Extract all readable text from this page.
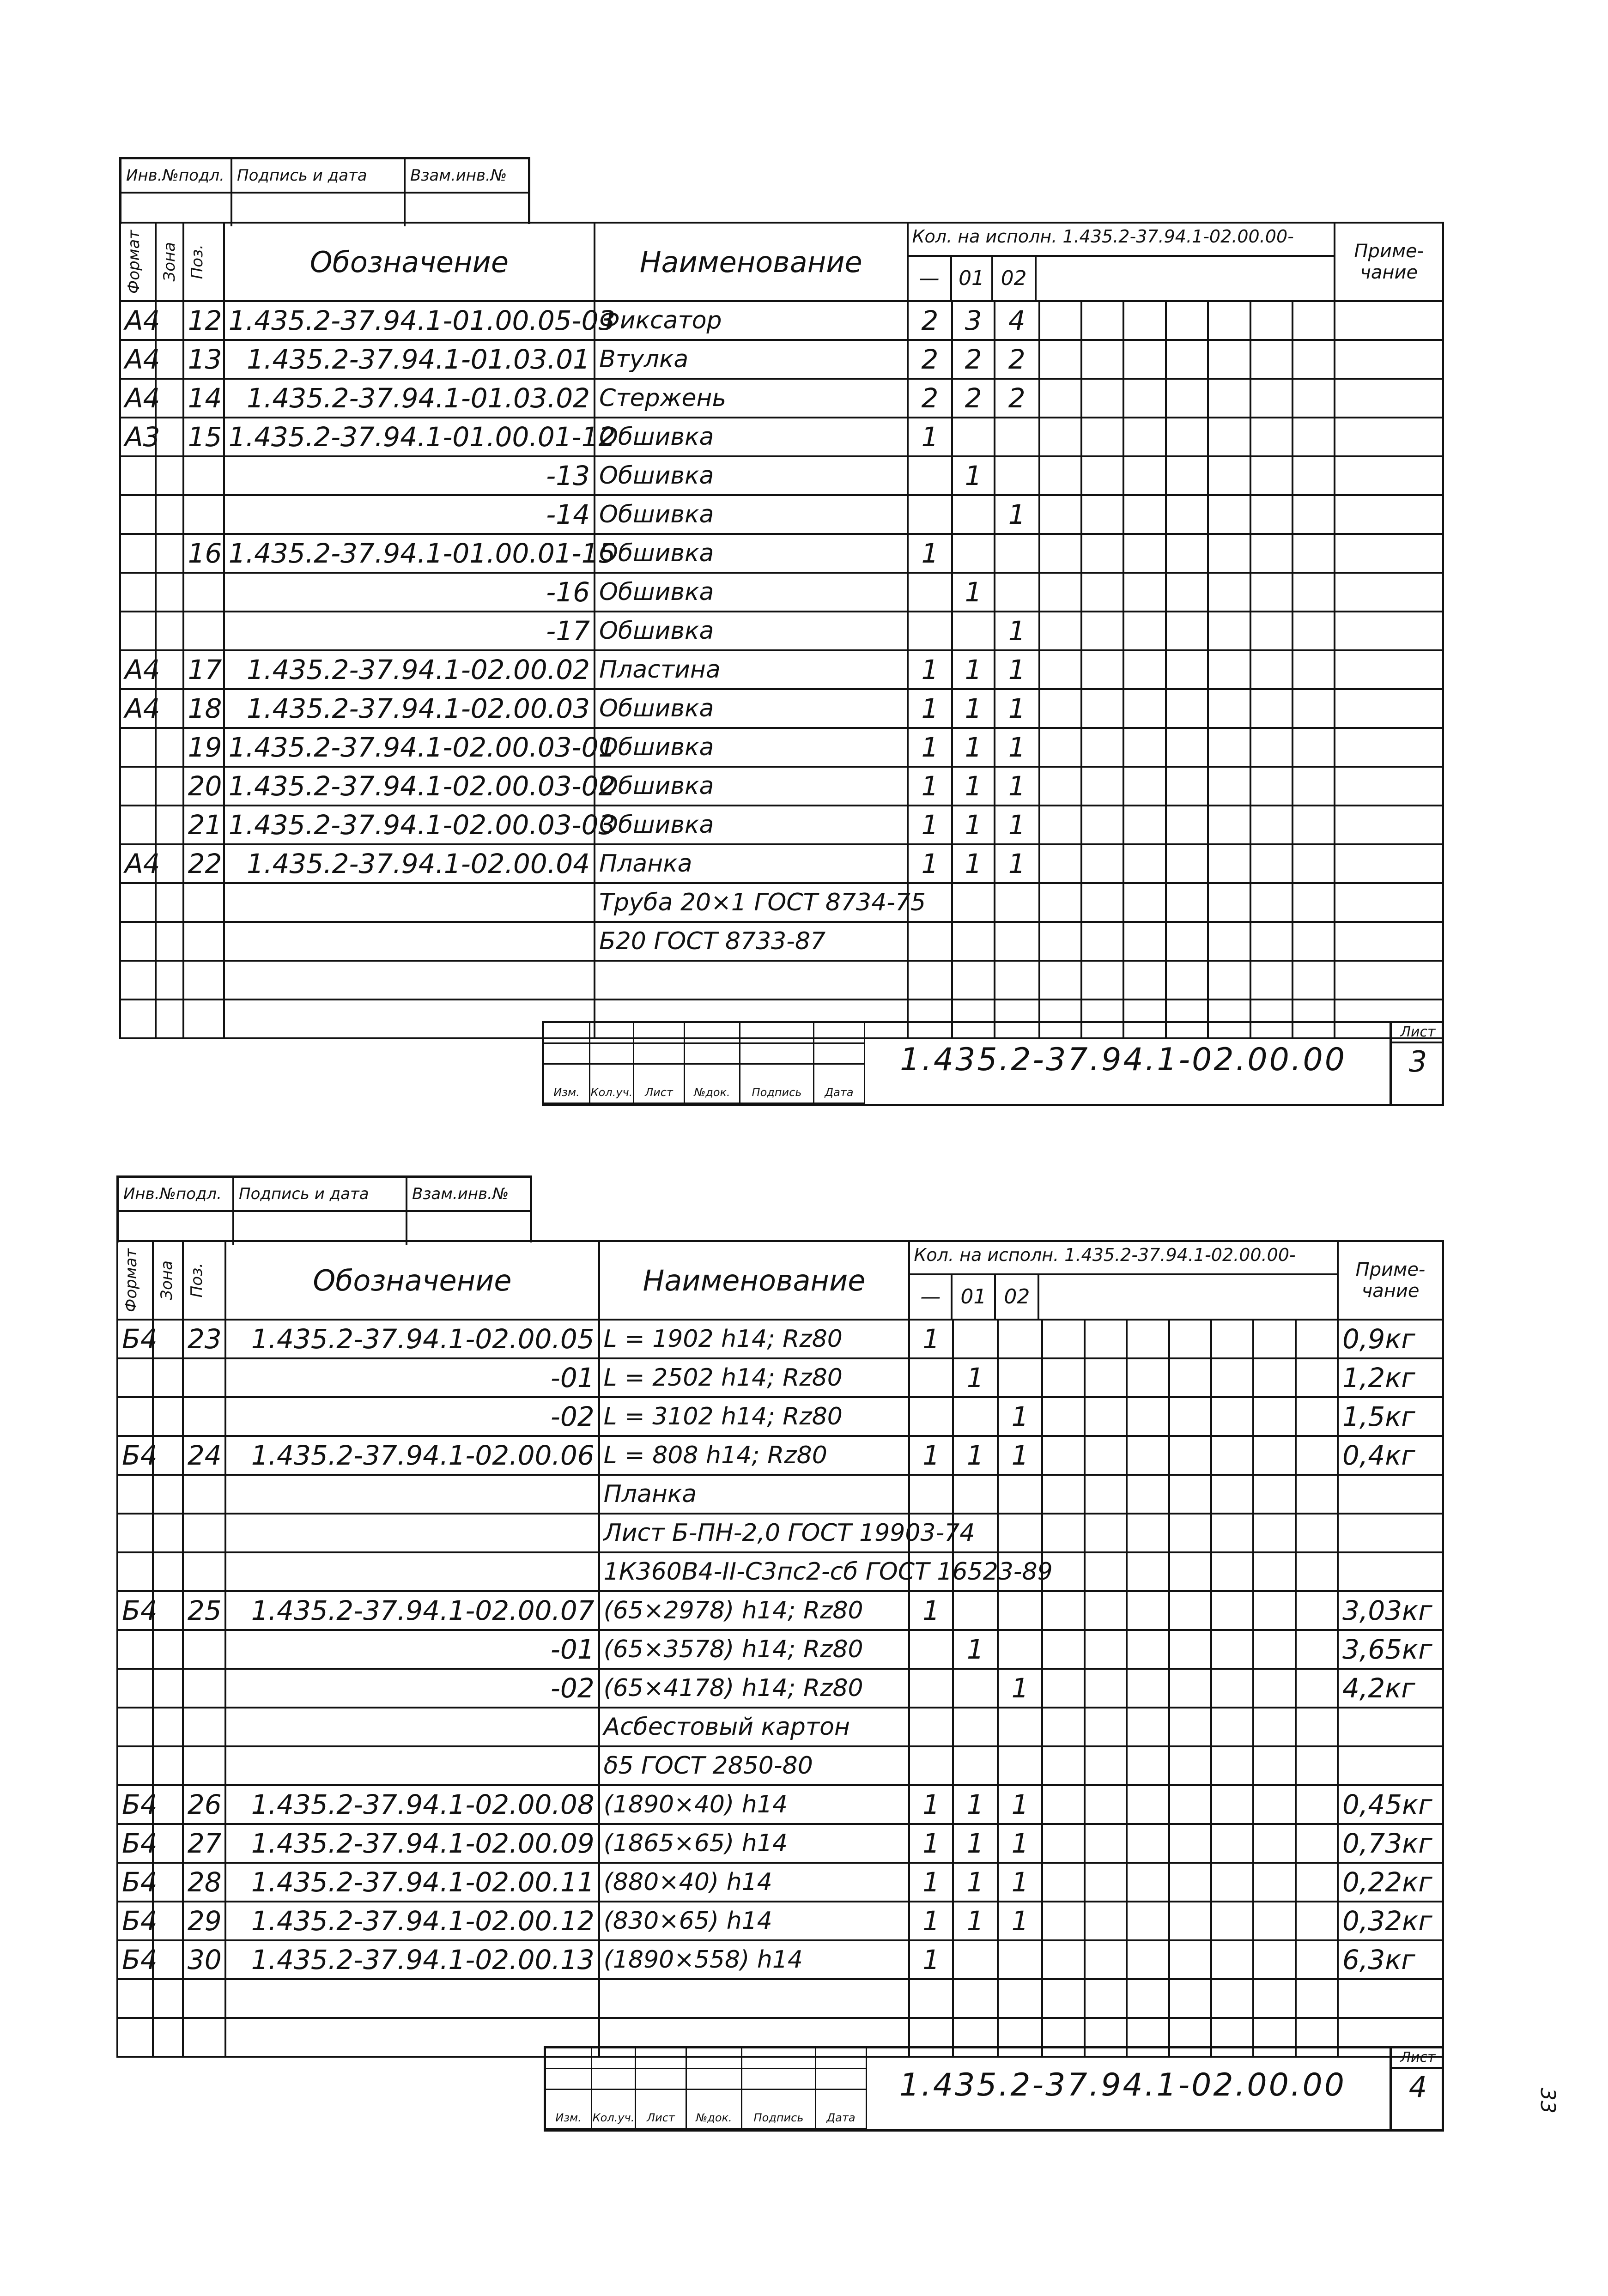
Инв.№подл. Подпись и дата	Взам.инв.№
Формат	Зона	Поз.	Обозначение	Наименование	Кол. на исполн. 1.435.2-37.94.1-02.00.00-
— 01 02										Приме-чание
А4		12	1.435.2-37.94.1-01.00.05-03	Фиксатор	2	3	4								
А4		13	1.435.2-37.94.1-01.03.01	Втулка	2	2	2								
А4		14	1.435.2-37.94.1-01.03.02	Стержень	2	2	2								
А3		15	1.435.2-37.94.1-01.00.01-12	Обшивка	1										
			-13	Обшивка		1									
			-14	Обшивка			1								
		16	1.435.2-37.94.1-01.00.01-15	Обшивка	1										
			-16	Обшивка		1									
			-17	Обшивка			1								
А4		17	1.435.2-37.94.1-02.00.02	Пластина	1	1	1								
А4		18	1.435.2-37.94.1-02.00.03	Обшивка	1	1	1								
		19	1.435.2-37.94.1-02.00.03-01	Обшивка	1	1	1								
		20	1.435.2-37.94.1-02.00.03-02	Обшивка	1	1	1								
		21	1.435.2-37.94.1-02.00.03-03	Обшивка	1	1	1								
А4		22	1.435.2-37.94.1-02.00.04	Планка	1	1	1								
				Труба 20×1 ГОСТ 8734-75											
				Б20 ГОСТ 8733-87											

Изм. Кол.уч.	Лист	№док.	Подпись	Дата
1.435.2-37.94.1-02.00.00
Лист
3
Инв.№подл.	Подпись и дата	Взам.инв.№
Формат	Зона	Поз.	Обозначение	Наименование	Кол. на исполн. 1.435.2-37.94.1-02.00.00-
— 01 02										Приме-чание
Б4		23	1.435.2-37.94.1-02.00.05	L = 1902 h14; Rz80	1										0,9кг
			-01	L = 2502 h14; Rz80		1									1,2кг
			-02	L = 3102 h14; Rz80			1								1,5кг
Б4		24	1.435.2-37.94.1-02.00.06	L = 808 h14; Rz80	1	1	1								0,4кг
				Планка											
				Лист Б-ПН-2,0 ГОСТ 19903-74											
				1К360В4-II-С3пс2-сб ГОСТ 16523-89											
Б4		25	1.435.2-37.94.1-02.00.07	(65×2978) h14; Rz80	1										3,03кг
			-01	(65×3578) h14; Rz80		1									3,65кг
			-02	(65×4178) h14; Rz80			1								4,2кг
				Асбестовый картон											
				δ5 ГОСТ 2850-80											
Б4		26	1.435.2-37.94.1-02.00.08	(1890×40) h14	1	1	1								0,45кг
Б4		27	1.435.2-37.94.1-02.00.09	(1865×65) h14	1	1	1								0,73кг
Б4		28	1.435.2-37.94.1-02.00.11	(880×40) h14	1	1	1								0,22кг
Б4		29	1.435.2-37.94.1-02.00.12	(830×65) h14	1	1	1								0,32кг
Б4		30	1.435.2-37.94.1-02.00.13	(1890×558) h14	1										6,3кг

Изм. Кол.уч.	Лист	№док.	Подпись	Дата
1.435.2-37.94.1-02.00.00
Лист
4	33
